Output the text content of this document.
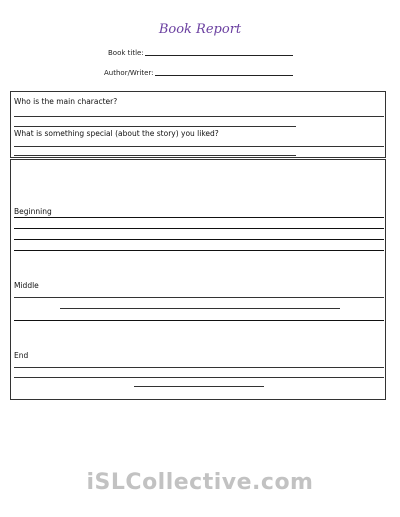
Book Report
Book title:
Author/Writer:
Who is the main character?
What is something special (about the story) you liked?
Beginning
Middle
End
iSLCollective.com
